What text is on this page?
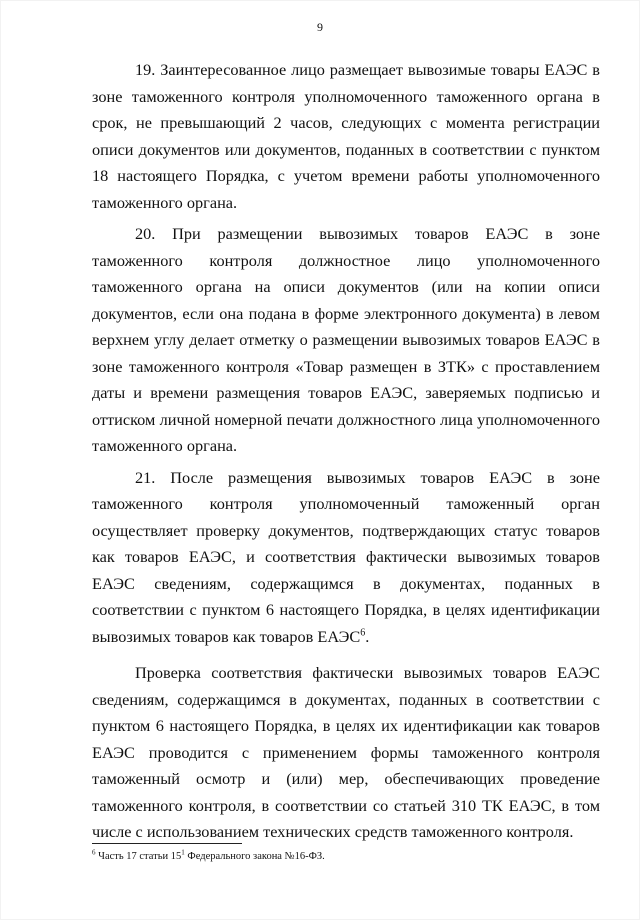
9

19. Заинтересованное лицо размещает вывозимые товары ЕАЭС в зоне таможенного контроля уполномоченного таможенного органа в срок, не превышающий 2 часов, следующих с момента регистрации описи документов или документов, поданных в соответствии с пунктом 18 настоящего Порядка, с учетом времени работы уполномоченного таможенного органа.

20. При размещении вывозимых товаров ЕАЭС в зоне таможенного контроля должностное лицо уполномоченного таможенного органа на описи документов (или на копии описи документов, если она подана в форме электронного документа) в левом верхнем углу делает отметку о размещении вывозимых товаров ЕАЭС в зоне таможенного контроля «Товар размещен в ЗТК» с проставлением даты и времени размещения товаров ЕАЭС, заверяемых подписью и оттиском личной номерной печати должностного лица уполномоченного таможенного органа.

21. После размещения вывозимых товаров ЕАЭС в зоне таможенного контроля уполномоченный таможенный орган осуществляет проверку документов, подтверждающих статус товаров как товаров ЕАЭС, и соответствия фактически вывозимых товаров ЕАЭС сведениям, содержащимся в документах, поданных в соответствии с пунктом 6 настоящего Порядка, в целях идентификации вывозимых товаров как товаров ЕАЭС$^6$.

Проверка соответствия фактически вывозимых товаров ЕАЭС сведениям, содержащимся в документах, поданных в соответствии с пунктом 6 настоящего Порядка, в целях их идентификации как товаров ЕАЭС проводится с применением формы таможенного контроля таможенный осмотр и (или) мер, обеспечивающих проведение таможенного контроля, в соответствии со статьей 310 ТК ЕАЭС, в том числе с использованием технических средств таможенного контроля.

$^6$ Часть 17 статьи $15^1$ Федерального закона №16-ФЗ.
